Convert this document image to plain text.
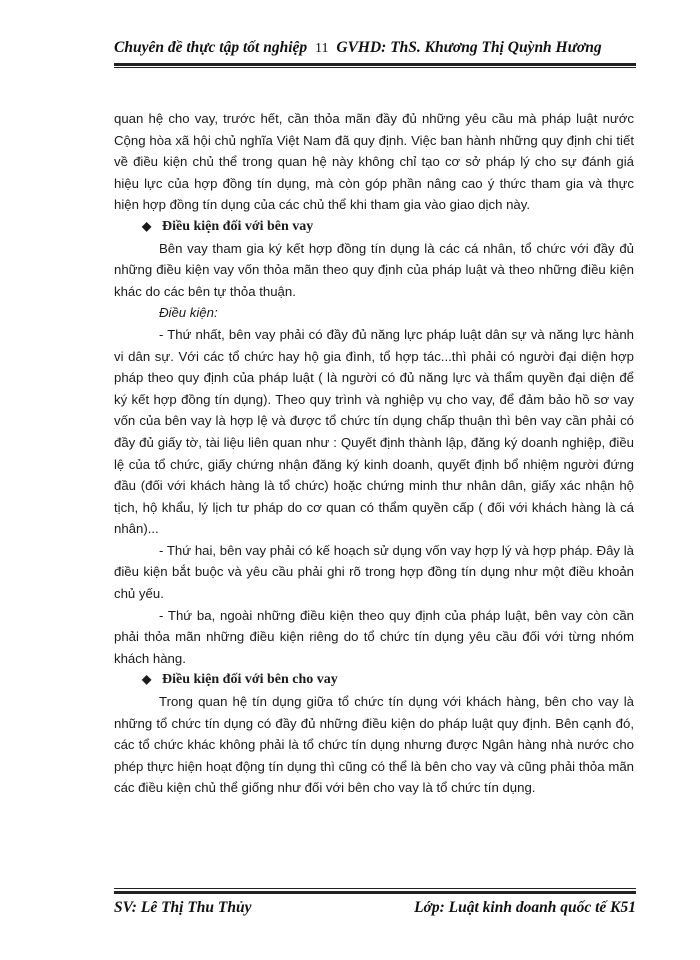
Chuyên đề thực tập tốt nghiệp 11 GVHD: ThS. Khương Thị Quỳnh Hương

quan hệ cho vay, trước hết, cần thỏa mãn đầy đủ những yêu cầu mà pháp luật nước Cộng hòa xã hội chủ nghĩa Việt Nam đã quy định. Việc ban hành những quy định chi tiết về điều kiện chủ thể trong quan hệ này không chỉ tạo cơ sở pháp lý cho sự đánh giá hiệu lực của hợp đồng tín dụng, mà còn góp phần nâng cao ý thức tham gia và thực hiện hợp đồng tín dụng của các chủ thể khi tham gia vào giao dịch này.

◆ Điều kiện đối với bên vay

Bên vay tham gia ký kết hợp đồng tín dụng là các cá nhân, tổ chức với đầy đủ những điều kiện vay vốn thỏa mãn theo quy định của pháp luật và theo những điều kiện khác do các bên tự thỏa thuận.

Điều kiện:

- Thứ nhất, bên vay phải có đầy đủ năng lực pháp luật dân sự và năng lực hành vi dân sự. Với các tổ chức hay hộ gia đình, tổ hợp tác...thì phải có người đại diện hợp pháp theo quy định của pháp luật ( là người có đủ năng lực và thẩm quyền đại diện để ký kết hợp đồng tín dụng). Theo quy trình và nghiệp vụ cho vay, để đảm bảo hồ sơ vay vốn của bên vay là hợp lệ và được tổ chức tín dụng chấp thuận thì bên vay cần phải có đầy đủ giấy tờ, tài liệu liên quan như : Quyết định thành lập, đăng ký doanh nghiệp, điều lệ của tổ chức, giấy chứng nhận đăng ký kinh doanh, quyết định bổ nhiệm người đứng đầu (đối với khách hàng là tổ chức) hoặc chứng minh thư nhân dân, giấy xác nhận hộ tịch, hộ khẩu, lý lịch tư pháp do cơ quan có thẩm quyền cấp ( đối với khách hàng là cá nhân)...

- Thứ hai, bên vay phải có kế hoạch sử dụng vốn vay hợp lý và hợp pháp. Đây là điều kiện bắt buộc và yêu cầu phải ghi rõ trong hợp đồng tín dụng như một điều khoản chủ yếu.

- Thứ ba, ngoài những điều kiện theo quy định của pháp luật, bên vay còn cần phải thỏa mãn những điều kiện riêng do tổ chức tín dụng yêu cầu đối với từng nhóm khách hàng.

◆ Điều kiện đối với bên cho vay

Trong quan hệ tín dụng giữa tổ chức tín dụng với khách hàng, bên cho vay là những tổ chức tín dụng có đầy đủ những điều kiện do pháp luật quy định. Bên cạnh đó, các tổ chức khác không phải là tổ chức tín dụng nhưng được Ngân hàng nhà nước cho phép thực hiện hoạt động tín dụng thì cũng có thể là bên cho vay và cũng phải thỏa mãn các điều kiện chủ thể giống như đối với bên cho vay là tổ chức tín dụng.

SV: Lê Thị Thu Thủy	Lớp: Luật kinh doanh quốc tế K51
